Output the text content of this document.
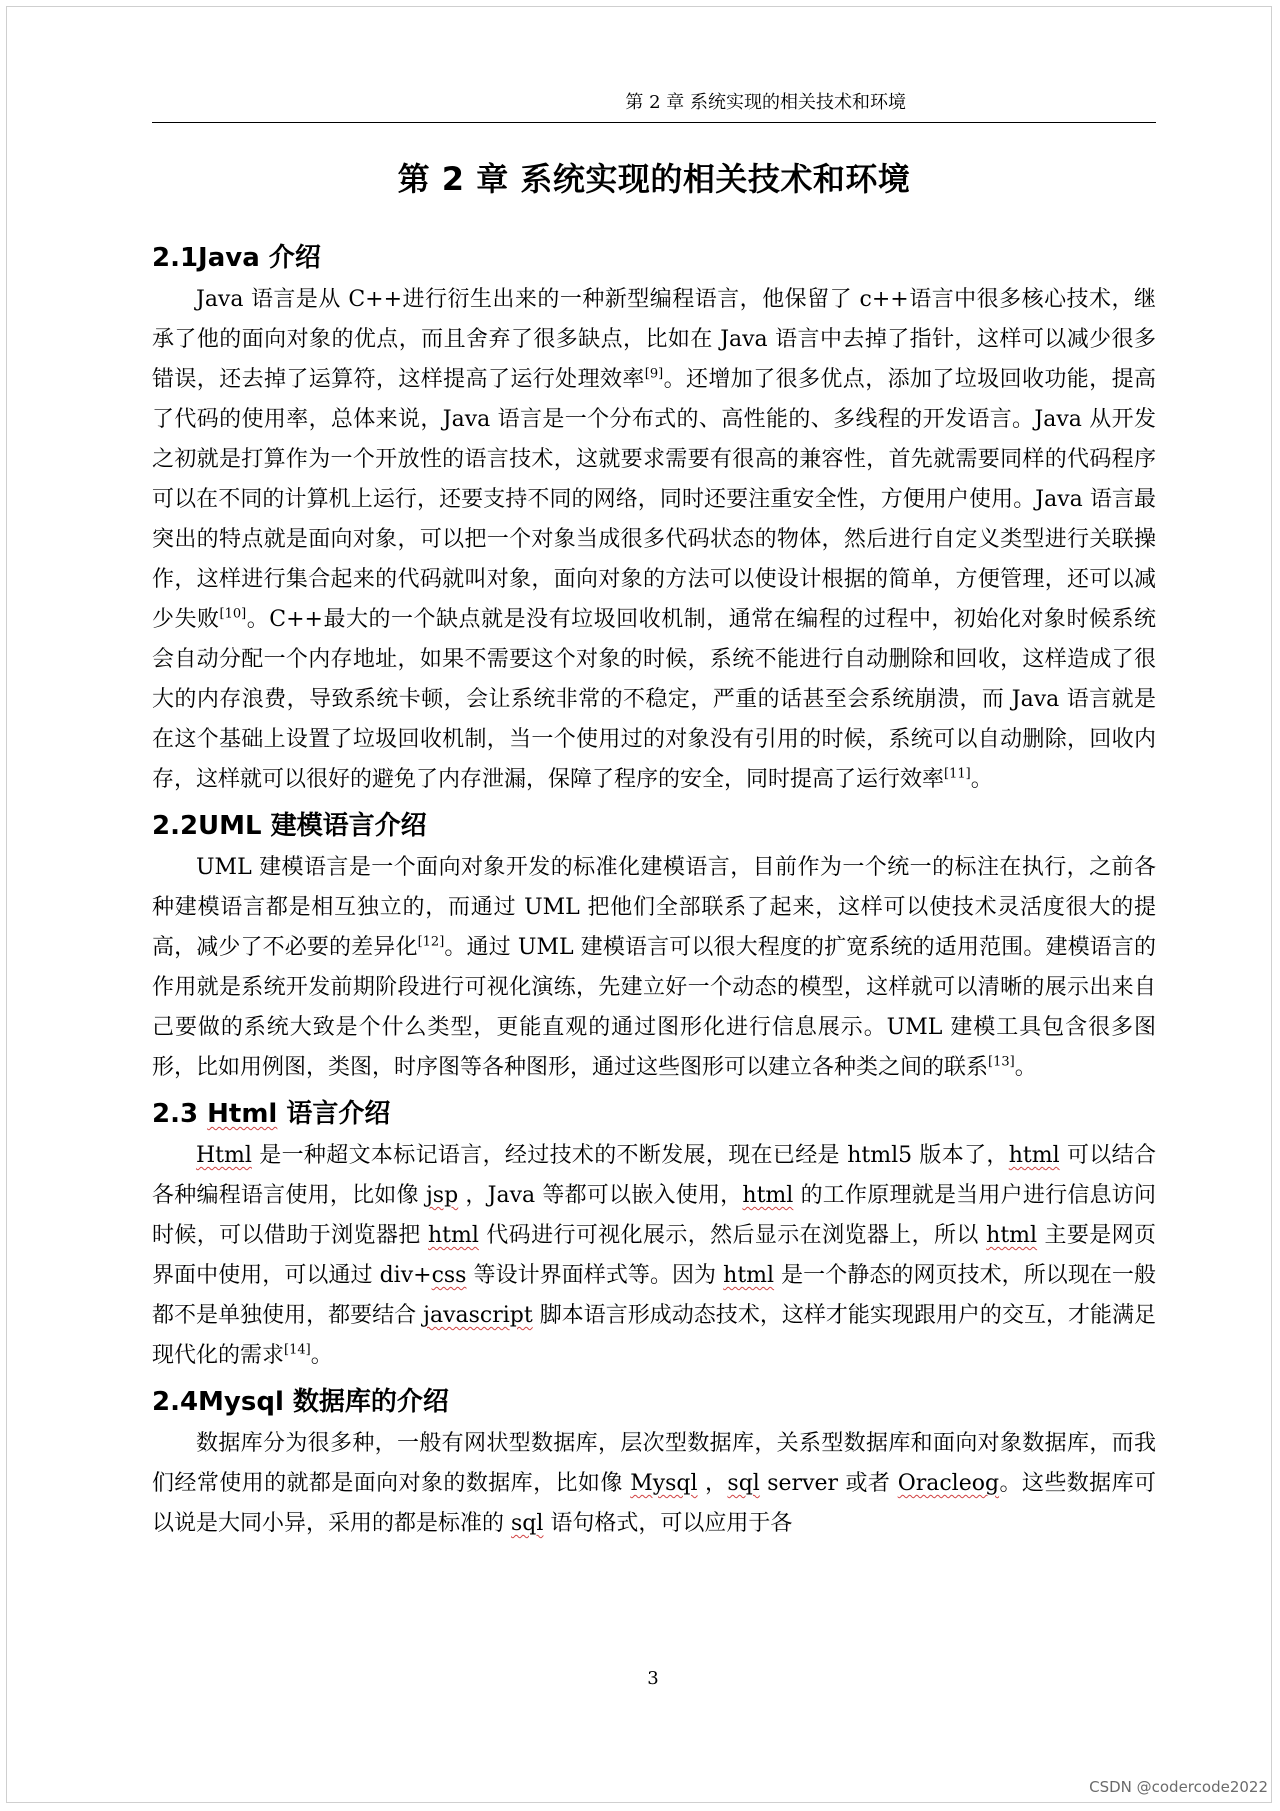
第 2 章 系统实现的相关技术和环境
第 2 章 系统实现的相关技术和环境
2.1Java 介绍

Java 语言是从 C++进行衍生出来的一种新型编程语言，他保留了 c++语言中很多核心技术，继承了他的面向对象的优点，而且舍弃了很多缺点，比如在 Java 语言中去掉了指针，这样可以减少很多错误，还去掉了运算符，这样提高了运行处理效率[9]。还增加了很多优点，添加了垃圾回收功能，提高了代码的使用率，总体来说，Java 语言是一个分布式的、高性能的、多线程的开发语言。Java 从开发之初就是打算作为一个开放性的语言技术，这就要求需要有很高的兼容性，首先就需要同样的代码程序可以在不同的计算机上运行，还要支持不同的网络，同时还要注重安全性，方便用户使用。Java 语言最突出的特点就是面向对象，可以把一个对象当成很多代码状态的物体，然后进行自定义类型进行关联操作，这样进行集合起来的代码就叫对象，面向对象的方法可以使设计根据的简单，方便管理，还可以减少失败[10]。C++最大的一个缺点就是没有垃圾回收机制，通常在编程的过程中，初始化对象时候系统会自动分配一个内存地址，如果不需要这个对象的时候，系统不能进行自动删除和回收，这样造成了很大的内存浪费，导致系统卡顿，会让系统非常的不稳定，严重的话甚至会系统崩溃，而 Java 语言就是在这个基础上设置了垃圾回收机制，当一个使用过的对象没有引用的时候，系统可以自动删除，回收内存，这样就可以很好的避免了内存泄漏，保障了程序的安全，同时提高了运行效率[11]。

2.2UML 建模语言介绍

UML 建模语言是一个面向对象开发的标准化建模语言，目前作为一个统一的标注在执行，之前各种建模语言都是相互独立的，而通过 UML 把他们全部联系了起来，这样可以使技术灵活度很大的提高，减少了不必要的差异化[12]。通过 UML 建模语言可以很大程度的扩宽系统的适用范围。建模语言的作用就是系统开发前期阶段进行可视化演练，先建立好一个动态的模型，这样就可以清晰的展示出来自己要做的系统大致是个什么类型，更能直观的通过图形化进行信息展示。UML 建模工具包含很多图形，比如用例图，类图，时序图等各种图形，通过这些图形可以建立各种类之间的联系[13]。

2.3 Html 语言介绍

Html 是一种超文本标记语言，经过技术的不断发展，现在已经是 html5 版本了，html 可以结合各种编程语言使用，比如像 jsp ，Java 等都可以嵌入使用，html 的工作原理就是当用户进行信息访问时候，可以借助于浏览器把 html 代码进行可视化展示，然后显示在浏览器上，所以 html 主要是网页界面中使用，可以通过 div+css 等设计界面样式等。因为 html 是一个静态的网页技术，所以现在一般都不是单独使用，都要结合 javascript 脚本语言形成动态技术，这样才能实现跟用户的交互，才能满足现代化的需求[14]。

2.4Mysql 数据库的介绍

数据库分为很多种，一般有网状型数据库，层次型数据库，关系型数据库和面向对象数据库，而我们经常使用的就都是面向对象的数据库，比如像 Mysql ，sql server 或者 Oracleog。这些数据库可以说是大同小异，采用的都是标准的 sql 语句格式，可以应用于各

3
CSDN @codercode2022
